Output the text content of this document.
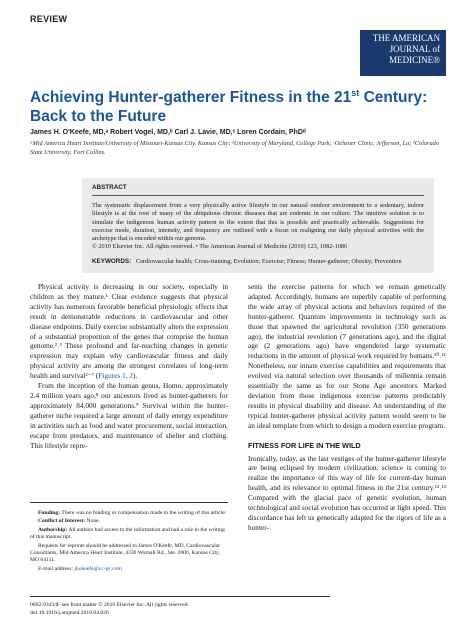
REVIEW
THE AMERICAN
JOURNAL of
MEDICINE®
Achieving Hunter-gatherer Fitness in the 21st Century: Back to the Future
James H. O'Keefe, MD,ᵃ Robert Vogel, MD,ᵇ Carl J. Lavie, MD,ᶜ Loren Cordain, PhDᵈ
ᵃMid America Heart Institute/University of Missouri-Kansas City, Kansas City; ᵇUniversity of Maryland, College Park; ᶜOchsner Clinic, Jefferson, La; ᵈColorado State University, Fort Collins.
ABSTRACT

The systematic displacement from a very physically active lifestyle in our natural outdoor environment to a sedentary, indoor lifestyle is at the root of many of the ubiquitous chronic diseases that are endemic in our culture. The intuitive solution is to simulate the indigenous human activity pattern to the extent that this is possible and practically achievable. Suggestions for exercise mode, duration, intensity, and frequency are outlined with a focus on realigning our daily physical activities with the archetype that is encoded within our genome.
© 2010 Elsevier Inc. All rights reserved. • The American Journal of Medicine (2010) 123, 1082-1086

KEYWORDS: Cardiovascular health; Cross-training; Evolution; Exercise; Fitness; Hunter-gatherer; Obesity; Prevention

Physical activity is decreasing in our society, especially in children as they mature.¹ Clear evidence suggests that physical activity has numerous favorable beneficial physiologic effects that result in demonstrable reductions in cardiovascular and other disease endpoints. Daily exercise substantially alters the expression of a substantial proportion of the genes that comprise the human genome.²˒³ These profound and far-reaching changes in genetic expression may explain why cardiovascular fitness and daily physical activity are among the strongest correlates of long-term health and survival²⁻⁷ (Figures 1, 2).

From the inception of the human genus, Homo, approximately 2.4 million years ago,⁸ our ancestors lived as hunter-gatherers for approximately 84,000 generations.⁹ Survival within the hunter-gatherer niche required a large amount of daily energy expenditure in activities such as food and water procurement, social interaction, escape from predators, and maintenance of shelter and clothing. This lifestyle repre-

Funding: There was no funding or compensation made in the writing of this article:

Conflict of Interest: None.

Authorship: All authors had access to the information and had a role in the writing of this manuscript.

Requests for reprints should be addressed to James O'Keefe, MD, Cardiovascular Consultants, Mid America Heart Institute, 4330 Wornall Rd., Ste. 2000, Kansas City, MO 64111.

E-mail address: jhokeefe@cc-pc.com

0002-9343/$ -see front matter © 2010 Elsevier Inc. All rights reserved.
doi:10.1016/j.amjmed.2010.04.026

sents the exercise patterns for which we remain genetically adapted. Accordingly, humans are superbly capable of performing the wide array of physical actions and behaviors required of the hunter-gatherer. Quantum improvements in technology such as those that spawned the agricultural revolution (350 generations ago), the industrial revolution (7 generations ago), and the digital age (2 generations ago) have engendered large systematic reductions in the amount of physical work required by humans.¹⁰˒¹¹ Nonetheless, our innate exercise capabilities and requirements that evolved via natural selection over thousands of millennia remain essentially the same as for our Stone Age ancestors. Marked deviation from those indigenous exercise patterns predictably results in physical disability and disease. An understanding of the typical hunter-gatherer physical activity pattern would seem to be an ideal template from which to design a modern exercise program.

FITNESS FOR LIFE IN THE WILD

Ironically, today, as the last vestiges of the hunter-gatherer lifestyle are being eclipsed by modern civilization, science is coming to realize the importance of this way of life for current-day human health, and its relevance to optimal fitness in the 21st century.¹²˒¹³ Compared with the glacial pace of genetic evolution, human technological and social evolution has occurred at light speed. This discordance has left us genetically adapted for the rigors of life as a hunter-
